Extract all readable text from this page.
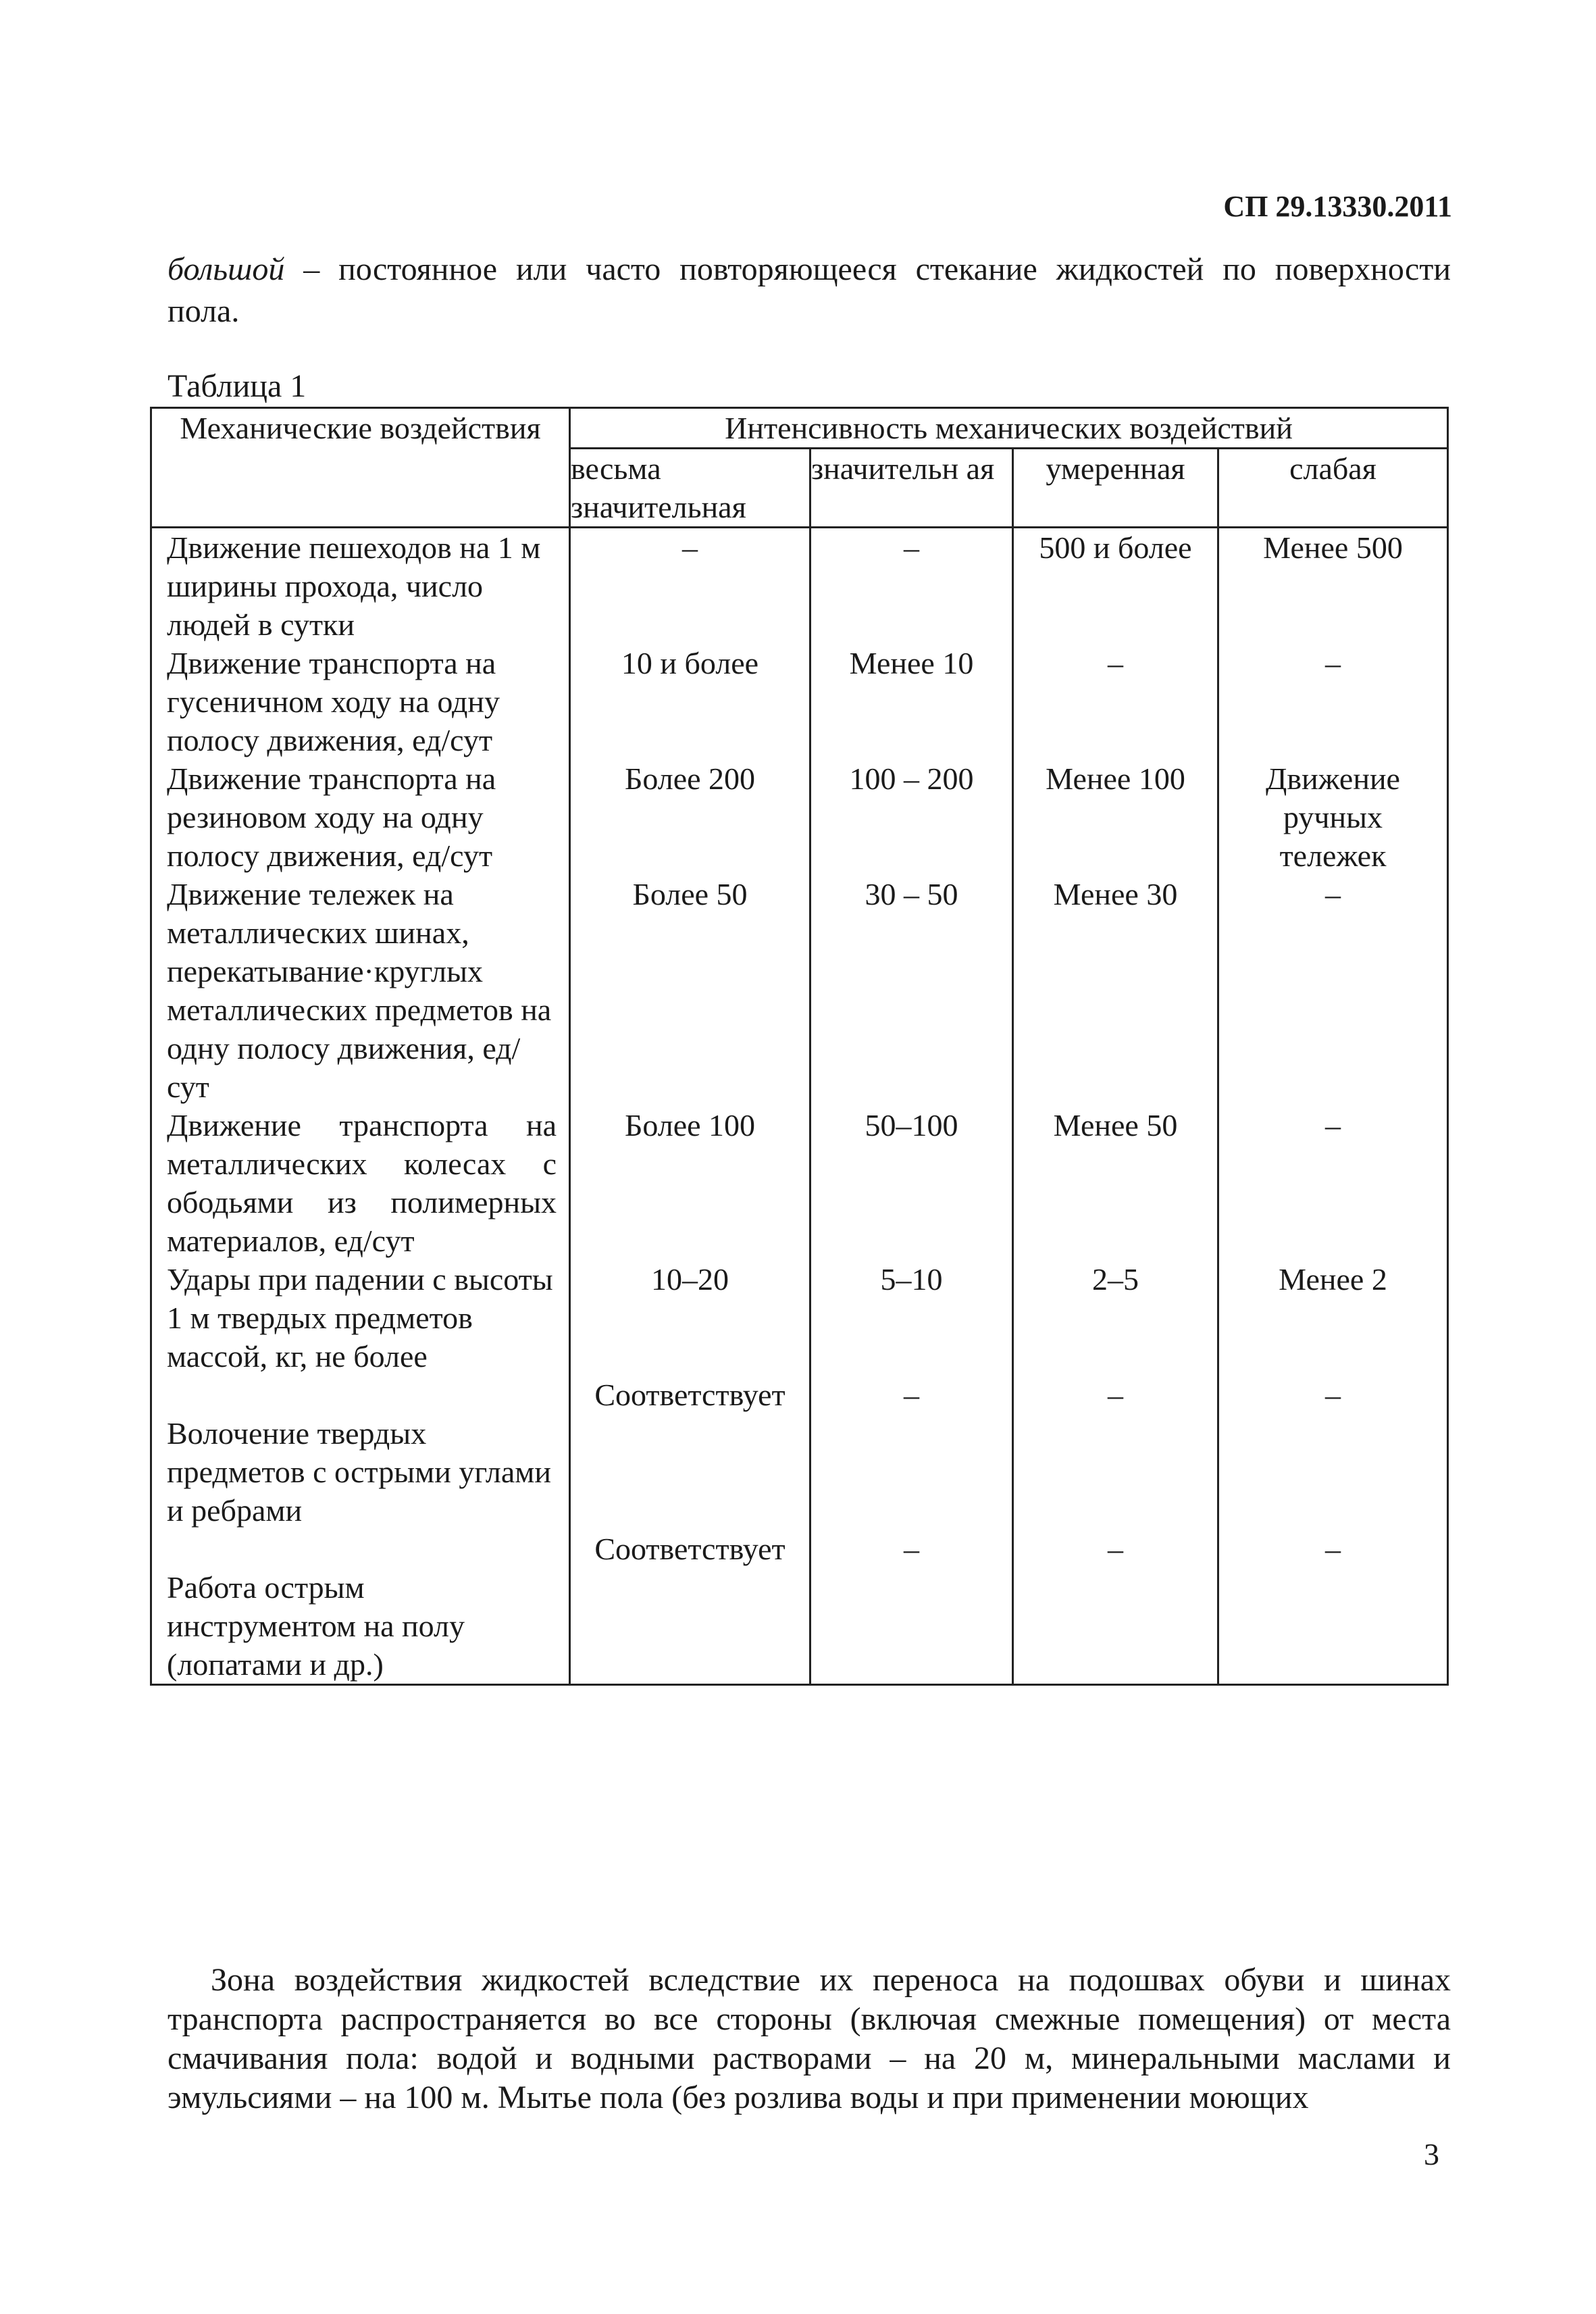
СП 29.13330.2011
большой – постоянное или часто повторяющееся стекание жидкостей по поверхности
пола.
Таблица 1
Механические воздействия	Интенсивность механических воздействий			
	весьма значительная	значительн ая	умеренная	слабая
Движение пешеходов на 1 м ширины прохода, число людей в сутки	–	–	500 и более	Менее 500
Движение транспорта на гусеничном ходу на одну полосу движения, ед/сут	10 и более	Менее 10	–	–
Движение транспорта на резиновом ходу на одну полосу движения, ед/сут	Более 200	100 – 200	Менее 100	Движение ручных тележек
Движение тележек на металлических шинах, перекатывание·круглых металлических предметов на одну полосу движения, ед/сут	Более 50	30 – 50	Менее 30	–
Движение транспорта на металлических колесах с ободьями из полимерных материалов, ед/сут	Более 100	50–100	Менее 50	–
Удары при падении с высоты 1 м твердых предметов массой, кг, не более	10–20	5–10	2–5	Менее 2
Волочение твердых предметов с острыми углами и ребрами	Соответствует	–	–	–
Работа острым инструментом на полу (лопатами и др.)	Соответствует	–	–	–

Зона воздействия жидкостей вследствие их переноса на подошвах обуви и шинах транспорта распространяется во все стороны (включая смежные помещения) от места смачивания пола: водой и водными растворами – на 20 м, минеральными маслами и эмульсиями – на 100 м. Мытье пола (без розлива воды и при применении моющих

3
